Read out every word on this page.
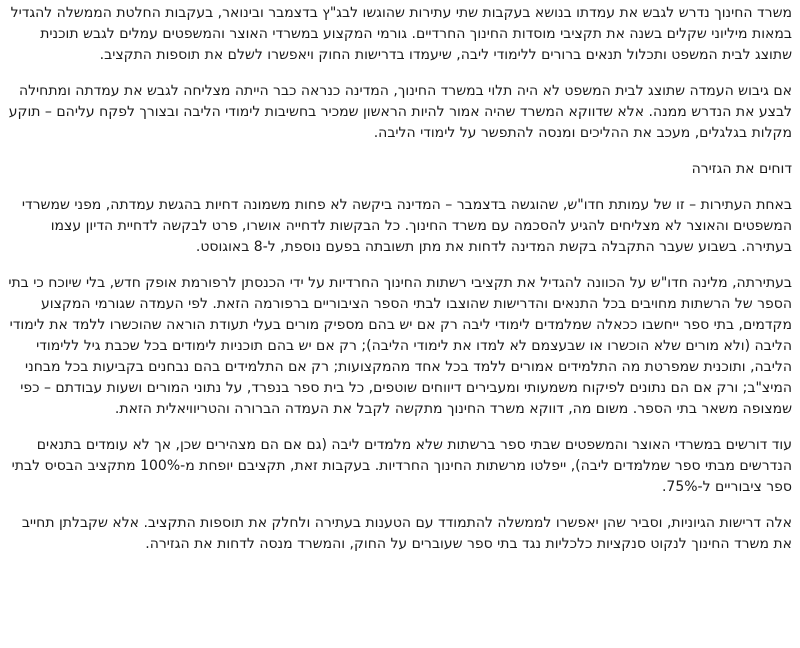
משרד החינוך נדרש לגבש את עמדתו בנושא בעקבות שתי עתירות שהוגשו לבג"ץ בדצמבר ובינואר, בעקבות החלטת הממשלה להגדיל במאות מיליוני שקלים בשנה את תקציבי מוסדות החינוך החרדיים. גורמי המקצוע במשרדי האוצר והמשפטים עמלים לגבש תוכנית שתוצג לבית המשפט ותכלול תנאים ברורים ללימודי ליבה, שיעמדו בדרישות החוק ויאפשרו לשלם את תוספות התקציב.

אם גיבוש העמדה שתוצג לבית המשפט לא היה תלוי במשרד החינוך, המדינה כנראה כבר הייתה מצליחה לגבש את עמדתה ומתחילה לבצע את הנדרש ממנה. אלא שדווקא המשרד שהיה אמור להיות הראשון שמכיר בחשיבות לימודי הליבה ובצורך לפקח עליהם – תוקע מקלות בגלגלים, מעכב את ההליכים ומנסה להתפשר על לימודי הליבה.

דוחים את הגזירה

באחת העתירות – זו של עמותת חדו"ש, שהוגשה בדצמבר – המדינה ביקשה לא פחות משמונה דחיות בהגשת עמדתה, מפני שמשרדי המשפטים והאוצר לא מצליחים להגיע להסכמה עם משרד החינוך. כל הבקשות לדחייה אושרו, פרט לבקשה לדחיית הדיון עצמו בעתירה. בשבוע שעבר התקבלה בקשת המדינה לדחות את מתן תשובתה בפעם נוספת, ל-8 באוגוסט.

בעתירתה, מלינה חדו"ש על הכוונה להגדיל את תקציבי רשתות החינוך החרדיות על ידי הכנסתן לרפורמת אופק חדש, בלי שיוכח כי בתי הספר של הרשתות מחויבים בכל התנאים והדרישות שהוצבו לבתי הספר הציבוריים ברפורמה הזאת. לפי העמדה שגורמי המקצוע מקדמים, בתי ספר ייחשבו ככאלה שמלמדים לימודי ליבה רק אם יש בהם מספיק מורים בעלי תעודת הוראה שהוכשרו ללמד את לימודי הליבה (ולא מורים שלא הוכשרו או שבעצמם לא למדו את לימודי הליבה); רק אם יש בהם תוכניות לימודים בכל שכבת גיל ללימודי הליבה, ותוכנית שמפרטת מה התלמידים אמורים ללמד בכל אחד מהמקצועות; רק אם התלמידים בהם נבחנים בקביעות בכל מבחני המיצ"ב; ורק אם הם נתונים לפיקוח משמעותי ומעבירים דיווחים שוטפים, כל בית ספר בנפרד, על נתוני המורים ושעות עבודתם – כפי שמצופה משאר בתי הספר. משום מה, דווקא משרד החינוך מתקשה לקבל את העמדה הברורה והטריוויאלית הזאת.

עוד דורשים במשרדי האוצר והמשפטים שבתי ספר ברשתות שלא מלמדים ליבה (גם אם הם מצהירים שכן, אך לא עומדים בתנאים הנדרשים מבתי ספר שמלמדים ליבה), ייפלטו מרשתות החינוך החרדיות. בעקבות זאת, תקציבם יופחת מ-100% מתקציב הבסיס לבתי ספר ציבוריים ל-75%.

אלה דרישות הגיוניות, וסביר שהן יאפשרו לממשלה להתמודד עם הטענות בעתירה ולחלק את תוספות התקציב. אלא שקבלתן תחייב את משרד החינוך לנקוט סנקציות כלכליות נגד בתי ספר שעוברים על החוק, והמשרד מנסה לדחות את הגזירה.
